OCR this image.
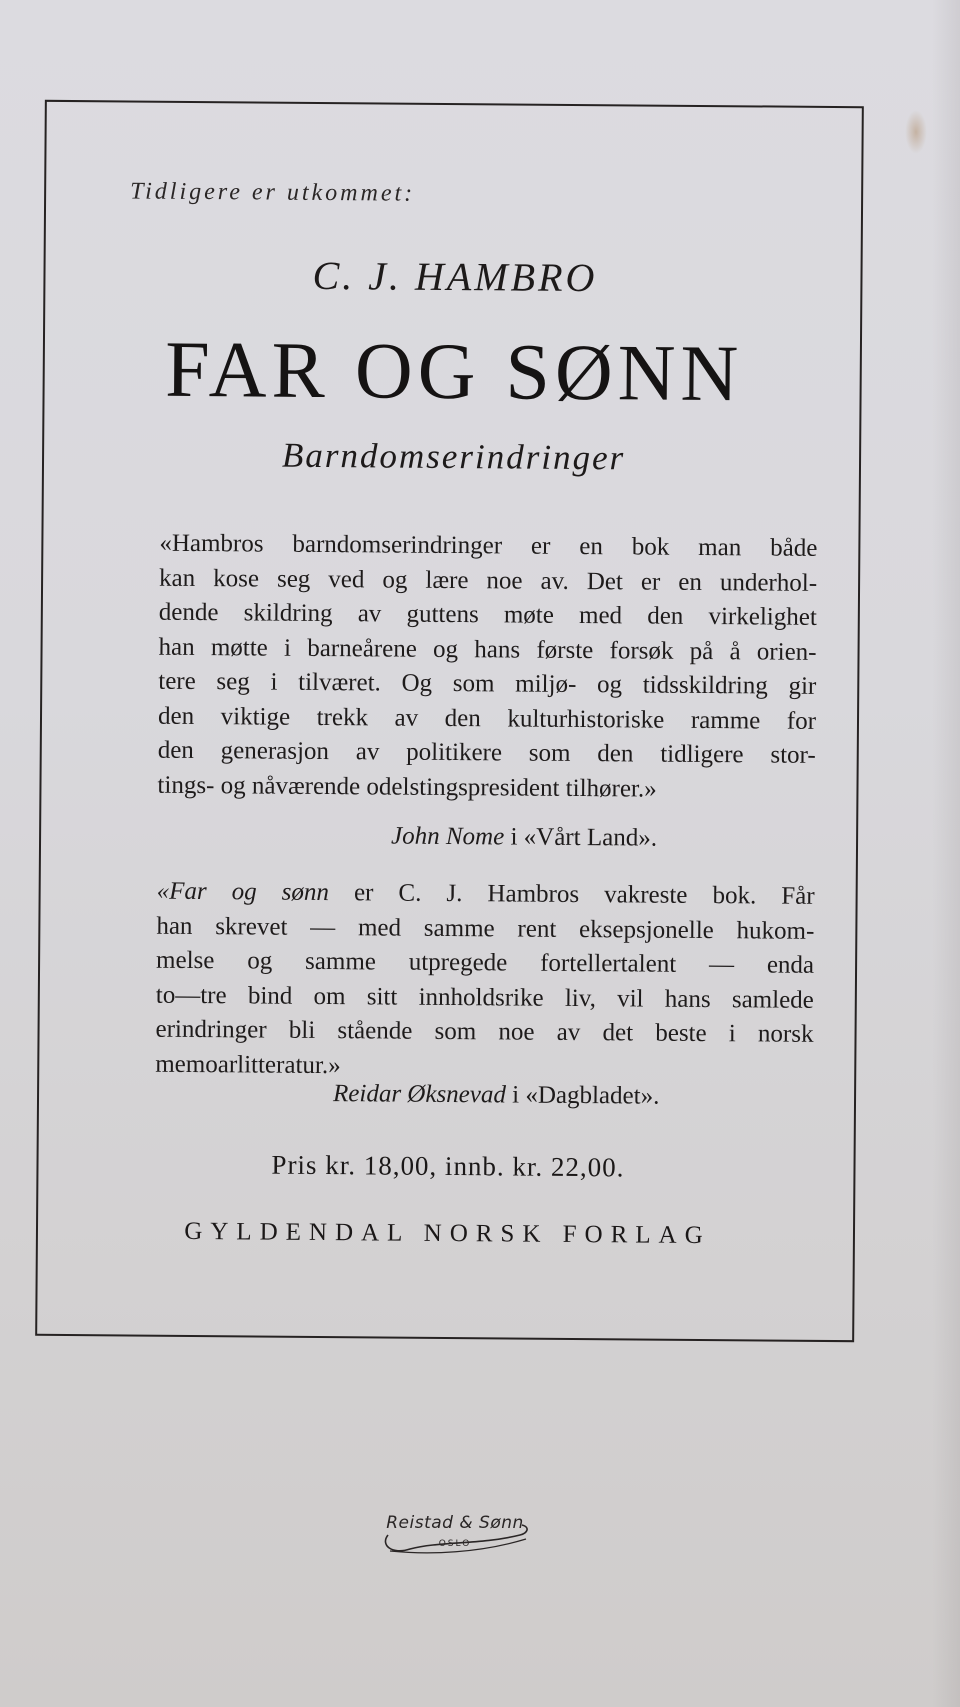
Tidligere er utkommet:
C. J. HAMBRO
FAR OG SØNN
Barndomserindringer
«Hambros barndomserindringer er en bok man både
kan kose seg ved og lære noe av. Det er en underhol-
dende skildring av guttens møte med den virkelighet
han møtte i barneårene og hans første forsøk på å orien-
tere seg i tilværet. Og som miljø- og tidsskildring gir
den viktige trekk av den kulturhistoriske ramme for
den generasjon av politikere som den tidligere stor-
tings- og nåværende odelstingspresident tilhører.»
John Nome i «Vårt Land».
«Far og sønn er C. J. Hambros vakreste bok. Får
han skrevet — med samme rent eksepsjonelle hukom-
melse og samme utpregede fortellertalent — enda
to—tre bind om sitt innholdsrike liv, vil hans samlede
erindringer bli stående som noe av det beste i norsk
memoarlitteratur.»
Reidar Øksnevad i «Dagbladet».
Pris kr. 18,00, innb. kr. 22,00.
GYLDENDAL NORSK FORLAG
Reistad & Sønn
OSLO
